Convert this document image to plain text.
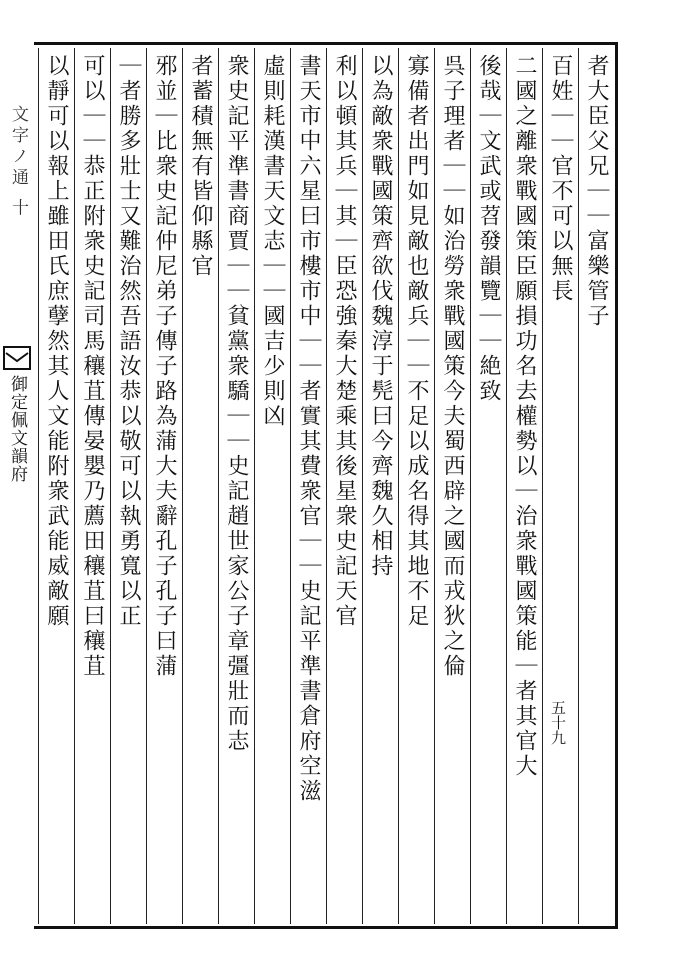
文字ノ通 十
御定佩文韻府
者大臣父兄｜｜富樂管子
百姓｜｜官不可以無長
二國之離衆戰國策臣願損功名去權勢以｜治衆戰國策能｜者其官大
後哉｜文武或苕發韻覽｜｜絶致
呉子理者｜｜如治勞衆戰國策今夫蜀西辟之國而戎狄之倫
寡備者出門如見敵也敵兵｜｜不足以成名得其地不足
以為敵衆戰國策齊欲伐魏淳于髡曰今齊魏久相持
利以頓其兵｜其｜臣恐強秦大楚乘其後星衆史記天官
書天市中六星曰市樓市中｜｜者實其費衆官｜｜史記平準書倉府空滋
虛則耗漢書天文志｜｜國吉少則凶
衆史記平準書商賈｜｜貧黨衆驕｜｜史記趙世家公子章彊壯而志
者蓄積無有皆仰縣官
邪並｜比衆史記仲尼弟子傳子路為蒲大夫辭孔子孔子曰蒲
｜者勝多壯士又難治然吾語汝恭以敬可以執勇寬以正
可以｜｜恭正附衆史記司馬穰苴傳晏嬰乃薦田穰苴曰穰苴
以靜可以報上雖田氏庶孽然其人文能附衆武能威敵願
五十九
